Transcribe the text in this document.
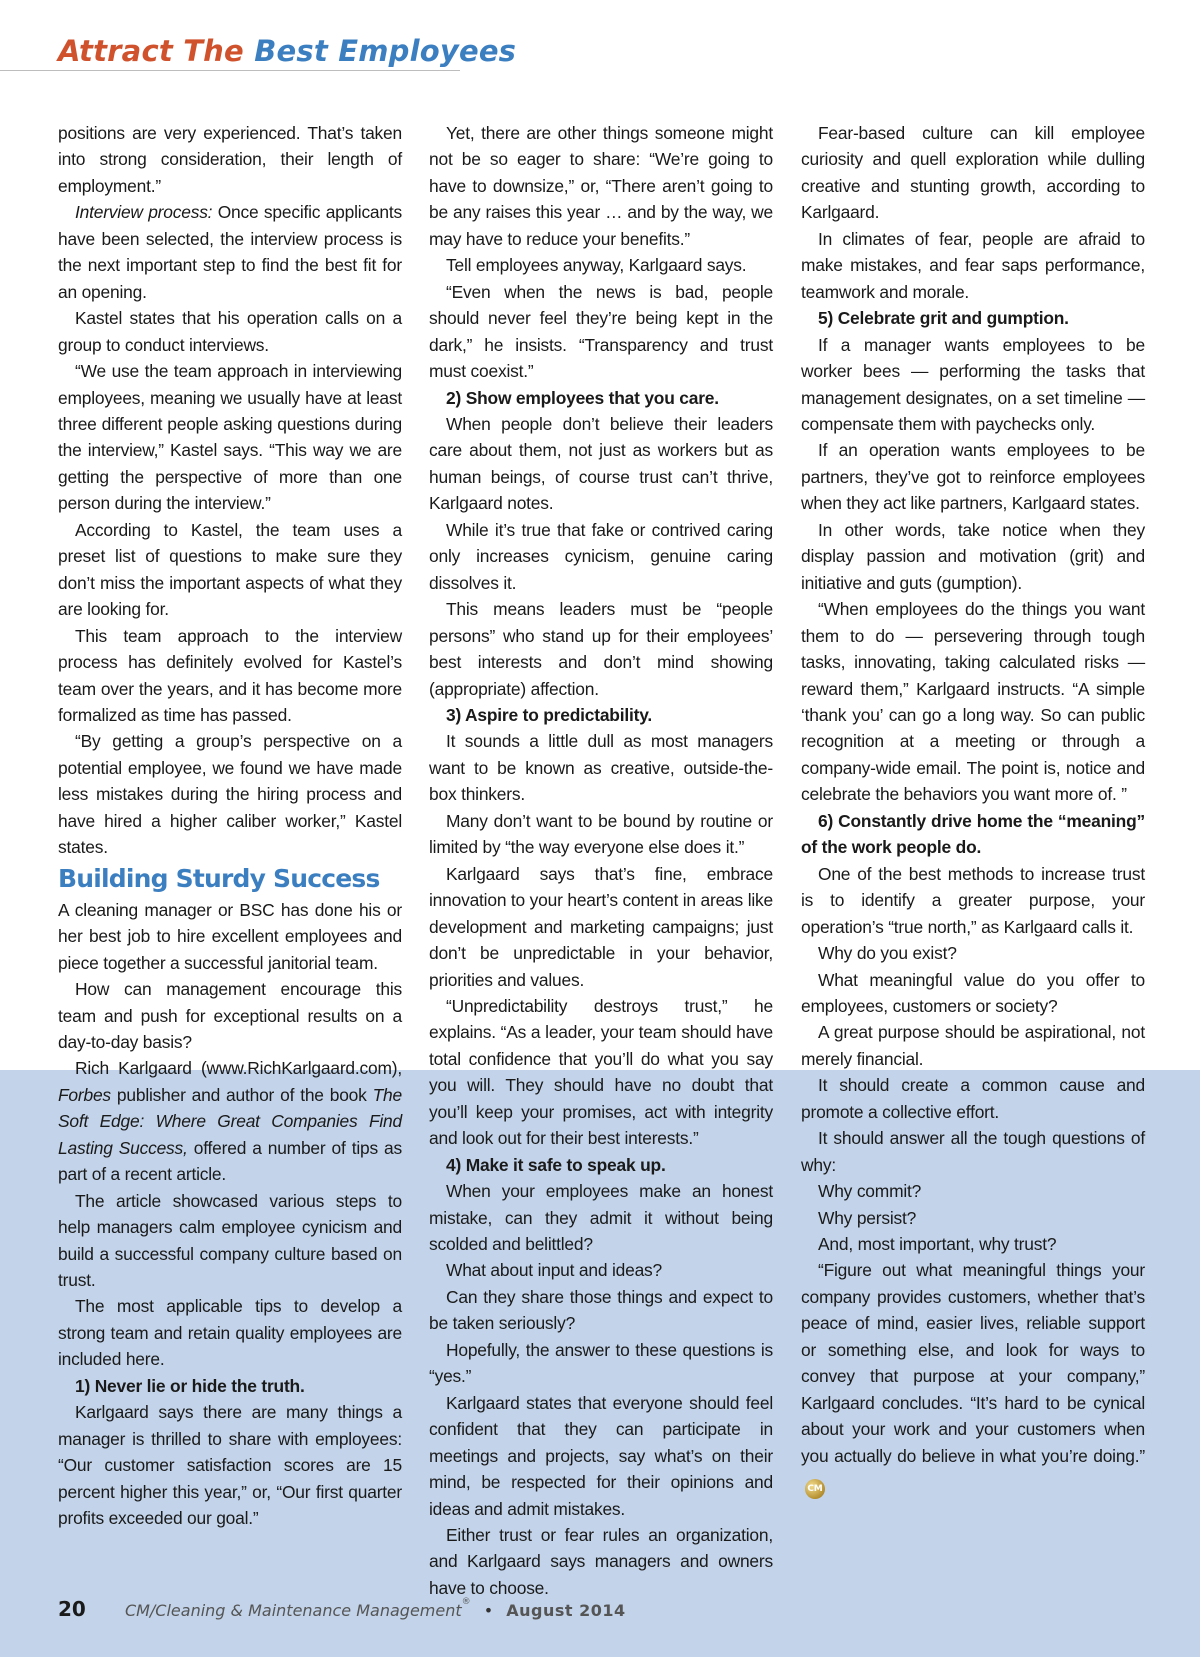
Attract The Best Employees

positions are very experienced. That’s taken into strong consideration, their length of employment.”

Interview process: Once specific applicants have been selected, the interview process is the next important step to find the best fit for an opening.

Kastel states that his operation calls on a group to conduct interviews.

“We use the team approach in interviewing employees, meaning we usually have at least three different people asking questions during the interview,” Kastel says. “This way we are getting the perspective of more than one person during the interview.”

According to Kastel, the team uses a preset list of questions to make sure they don’t miss the important aspects of what they are looking for.

This team approach to the interview process has definitely evolved for Kastel’s team over the years, and it has become more formalized as time has passed.

“By getting a group’s perspective on a potential employee, we found we have made less mistakes during the hiring process and have hired a higher caliber worker,” Kastel states.

Building Sturdy Success

A cleaning manager or BSC has done his or her best job to hire excellent employees and piece together a successful janitorial team.

How can management encourage this team and push for exceptional results on a day-to-day basis?

Rich Karlgaard (www.RichKarlgaard.com), Forbes publisher and author of the book The Soft Edge: Where Great Companies Find Lasting Success, offered a number of tips as part of a recent article.

The article showcased various steps to help managers calm employee cynicism and build a successful company culture based on trust.

The most applicable tips to develop a strong team and retain quality employees are included here.

1) Never lie or hide the truth.

Karlgaard says there are many things a manager is thrilled to share with employees: “Our customer satisfaction scores are 15 percent higher this year,” or, “Our first quarter profits exceeded our goal.”

Yet, there are other things someone might not be so eager to share: “We’re going to have to downsize,” or, “There aren’t going to be any raises this year … and by the way, we may have to reduce your benefits.”

Tell employees anyway, Karlgaard says.

“Even when the news is bad, people should never feel they’re being kept in the dark,” he insists. “Transparency and trust must coexist.”

2) Show employees that you care.

When people don’t believe their leaders care about them, not just as workers but as human beings, of course trust can’t thrive, Karlgaard notes.

While it’s true that fake or contrived caring only increases cynicism, genuine caring dissolves it.

This means leaders must be “people persons” who stand up for their employees’ best interests and don’t mind showing (appropriate) affection.

3) Aspire to predictability.

It sounds a little dull as most managers want to be known as creative, outside-the-box thinkers.

Many don’t want to be bound by routine or limited by “the way everyone else does it.”

Karlgaard says that’s fine, embrace innovation to your heart’s content in areas like development and marketing campaigns; just don’t be unpredictable in your behavior, priorities and values.

“Unpredictability destroys trust,” he explains. “As a leader, your team should have total confidence that you’ll do what you say you will. They should have no doubt that you’ll keep your promises, act with integrity and look out for their best interests.”

4) Make it safe to speak up.

When your employees make an honest mistake, can they admit it without being scolded and belittled?

What about input and ideas?

Can they share those things and expect to be taken seriously?

Hopefully, the answer to these questions is “yes.”

Karlgaard states that everyone should feel confident that they can participate in meetings and projects, say what’s on their mind, be respected for their opinions and ideas and admit mistakes.

Either trust or fear rules an organization, and Karlgaard says managers and owners have to choose.

Fear-based culture can kill employee curiosity and quell exploration while dulling creative and stunting growth, according to Karlgaard.

In climates of fear, people are afraid to make mistakes, and fear saps performance, teamwork and morale.

5) Celebrate grit and gumption.

If a manager wants employees to be worker bees — performing the tasks that management designates, on a set timeline — compensate them with paychecks only.

If an operation wants employees to be partners, they’ve got to reinforce employees when they act like partners, Karlgaard states.

In other words, take notice when they display passion and motivation (grit) and initiative and guts (gumption).

“When employees do the things you want them to do — persevering through tough tasks, innovating, taking calculated risks — reward them,” Karlgaard instructs. “A simple ‘thank you’ can go a long way. So can public recognition at a meeting or through a company-wide email. The point is, notice and celebrate the behaviors you want more of. ”

6) Constantly drive home the “meaning” of the work people do.

One of the best methods to increase trust is to identify a greater purpose, your operation’s “true north,” as Karlgaard calls it.

Why do you exist?

What meaningful value do you offer to employees, customers or society?

A great purpose should be aspirational, not merely financial.

It should create a common cause and promote a collective effort.

It should answer all the tough questions of why:

Why commit?

Why persist?

And, most important, why trust?

“Figure out what meaningful things your company provides customers, whether that’s peace of mind, easier lives, reliable support or something else, and look for ways to convey that purpose at your company,” Karlgaard concludes. “It’s hard to be cynical about your work and your customers when you actually do believe in what you’re doing.”CM

20 CM/Cleaning & Maintenance Management® • August 2014
